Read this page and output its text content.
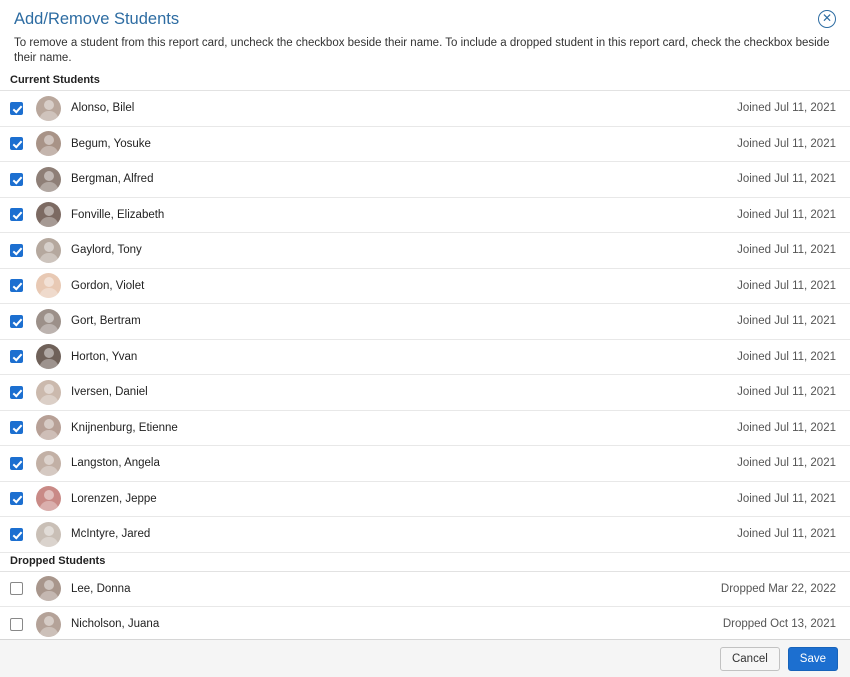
Add/Remove Students	✕
To remove a student from this report card, uncheck the checkbox beside their name. To include a dropped student in this report card, check the checkbox beside their name.
Current Students
Alonso, Bilel	Joined Jul 11, 2021
Begum, Yosuke	Joined Jul 11, 2021
Bergman, Alfred	Joined Jul 11, 2021
Fonville, Elizabeth	Joined Jul 11, 2021
Gaylord, Tony	Joined Jul 11, 2021
Gordon, Violet	Joined Jul 11, 2021
Gort, Bertram	Joined Jul 11, 2021
Horton, Yvan	Joined Jul 11, 2021
Iversen, Daniel	Joined Jul 11, 2021
Knijnenburg, Etienne	Joined Jul 11, 2021
Langston, Angela	Joined Jul 11, 2021
Lorenzen, Jeppe	Joined Jul 11, 2021
McIntyre, Jared	Joined Jul 11, 2021
Dropped Students
Lee, Donna	Dropped Mar 22, 2022
Nicholson, Juana	Dropped Oct 13, 2021
Cancel	Save
